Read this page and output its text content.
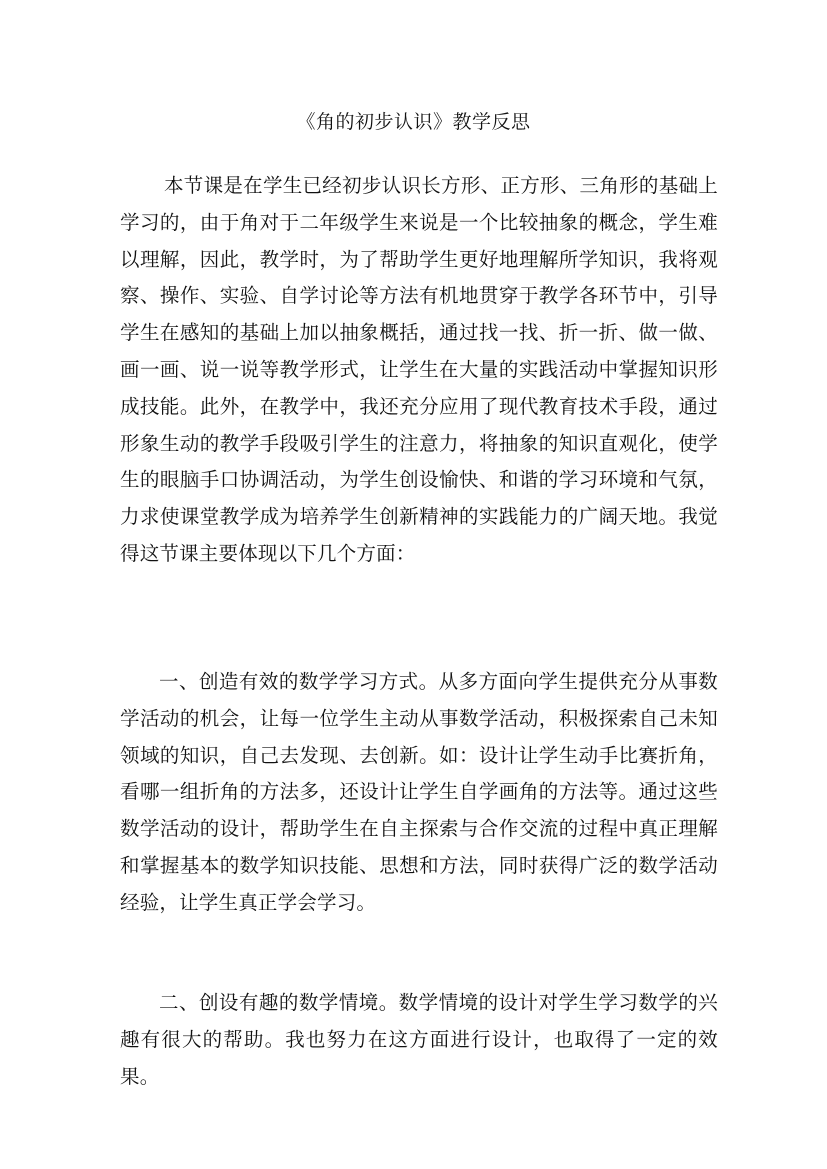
《角的初步认识》教学反思

本节课是在学生已经初步认识长方形、正方形、三角形的基础上学习的，由于角对于二年级学生来说是一个比较抽象的概念，学生难以理解，因此，教学时，为了帮助学生更好地理解所学知识，我将观察、操作、实验、自学讨论等方法有机地贯穿于教学各环节中，引导学生在感知的基础上加以抽象概括，通过找一找、折一折、做一做、画一画、说一说等教学形式，让学生在大量的实践活动中掌握知识形成技能。此外，在教学中，我还充分应用了现代教育技术手段，通过形象生动的教学手段吸引学生的注意力，将抽象的知识直观化，使学生的眼脑手口协调活动，为学生创设愉快、和谐的学习环境和气氛，力求使课堂教学成为培养学生创新精神的实践能力的广阔天地。我觉得这节课主要体现以下几个方面：

一、创造有效的数学学习方式。从多方面向学生提供充分从事数学活动的机会，让每一位学生主动从事数学活动，积极探索自己未知领域的知识，自己去发现、去创新。如：设计让学生动手比赛折角，看哪一组折角的方法多，还设计让学生自学画角的方法等。通过这些数学活动的设计，帮助学生在自主探索与合作交流的过程中真正理解和掌握基本的数学知识技能、思想和方法，同时获得广泛的数学活动经验，让学生真正学会学习。

二、创设有趣的数学情境。数学情境的设计对学生学习数学的兴趣有很大的帮助。我也努力在这方面进行设计，也取得了一定的效果。
